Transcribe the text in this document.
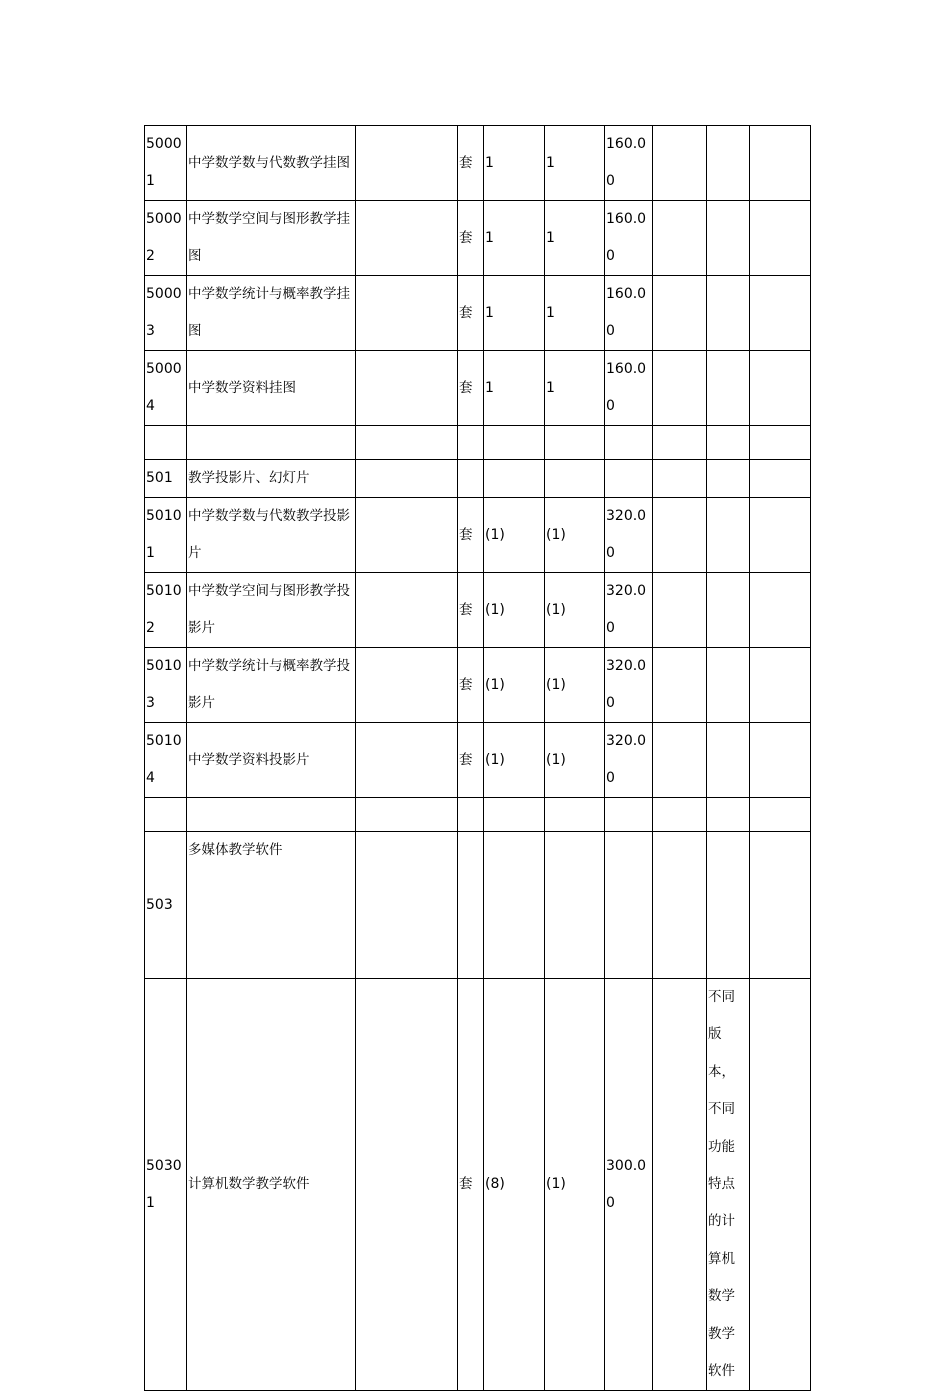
50001	中学数学数与代数教学挂图		套	1	1	160.00			
50002	中学数学空间与图形教学挂图		套	1	1	160.00			
50003	中学数学统计与概率教学挂图		套	1	1	160.00			
50004	中学数学资料挂图		套	1	1	160.00			

501	教学投影片、幻灯片								
50101	中学数学数与代数教学投影片		套	(1)	(1)	320.00			
50102	中学数学空间与图形教学投影片		套	(1)	(1)	320.00			
50103	中学数学统计与概率教学投影片		套	(1)	(1)	320.00			
50104	中学数学资料投影片		套	(1)	(1)	320.00			

503	多媒体教学软件								
50301	计算机数学教学软件		套	(8)	(1)	300.00		不同版本，不同功能特点的计算机数学教学软件	
